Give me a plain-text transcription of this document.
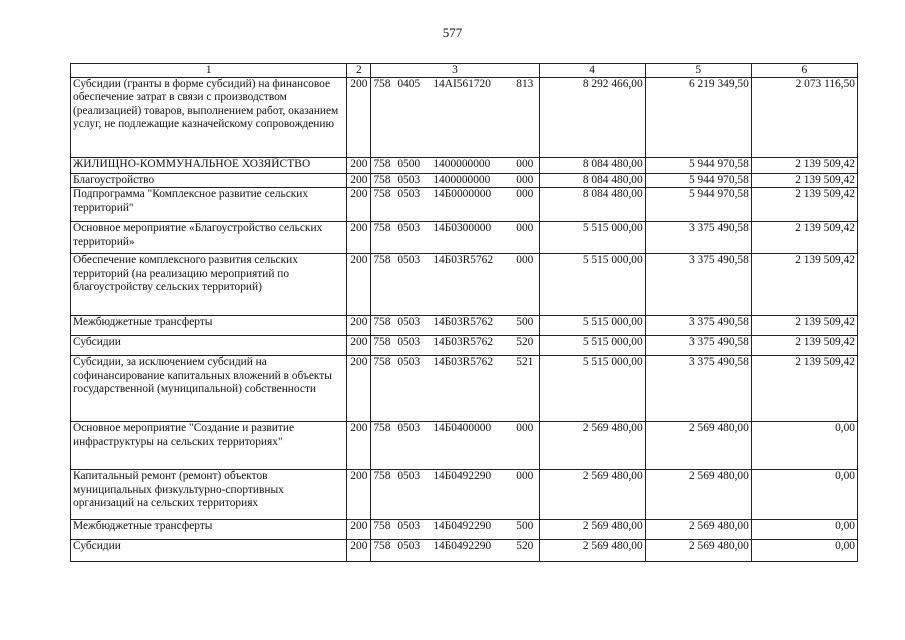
577
1	2	3	4	5	6
Субсидии (гранты в форме субсидий) на финансовое обеспечение затрат в связи с производством (реализацией) товаров, выполнением работ, оказанием услуг, не подлежащие казначейскому сопровождению	200	758 0405 14АI561720 813	8 292 466,00	6 219 349,50	2 073 116,50
ЖИЛИЩНО-КОММУНАЛЬНОЕ ХОЗЯЙСТВО	200	758 0500 1400000000 000	8 084 480,00	5 944 970,58	2 139 509,42
Благоустройство	200	758 0503 1400000000 000	8 084 480,00	5 944 970,58	2 139 509,42
Подпрограмма "Комплексное развитие сельских территорий"	200	758 0503 14Б0000000 000	8 084 480,00	5 944 970,58	2 139 509,42
Основное мероприятие «Благоустройство сельских территорий»	200	758 0503 14Б0300000 000	5 515 000,00	3 375 490,58	2 139 509,42
Обеспечение комплексного развития сельских территорий (на реализацию мероприятий по благоустройству сельских территорий)	200	758 0503 14Б03R5762 000	5 515 000,00	3 375 490,58	2 139 509,42
Межбюджетные трансферты	200	758 0503 14Б03R5762 500	5 515 000,00	3 375 490,58	2 139 509,42
Субсидии	200	758 0503 14Б03R5762 520	5 515 000,00	3 375 490,58	2 139 509,42
Субсидии, за исключением субсидий на софинансирование капитальных вложений в объекты государственной (муниципальной) собственности	200	758 0503 14Б03R5762 521	5 515 000,00	3 375 490,58	2 139 509,42
Основное мероприятие "Создание и развитие инфраструктуры на сельских территориях"	200	758 0503 14Б0400000 000	2 569 480,00	2 569 480,00	0,00
Капитальный ремонт (ремонт) объектов муниципальных физкультурно-спортивных организаций на сельских территориях	200	758 0503 14Б0492290 000	2 569 480,00	2 569 480,00	0,00
Межбюджетные трансферты	200	758 0503 14Б0492290 500	2 569 480,00	2 569 480,00	0,00
Субсидии	200	758 0503 14Б0492290 520	2 569 480,00	2 569 480,00	0,00
